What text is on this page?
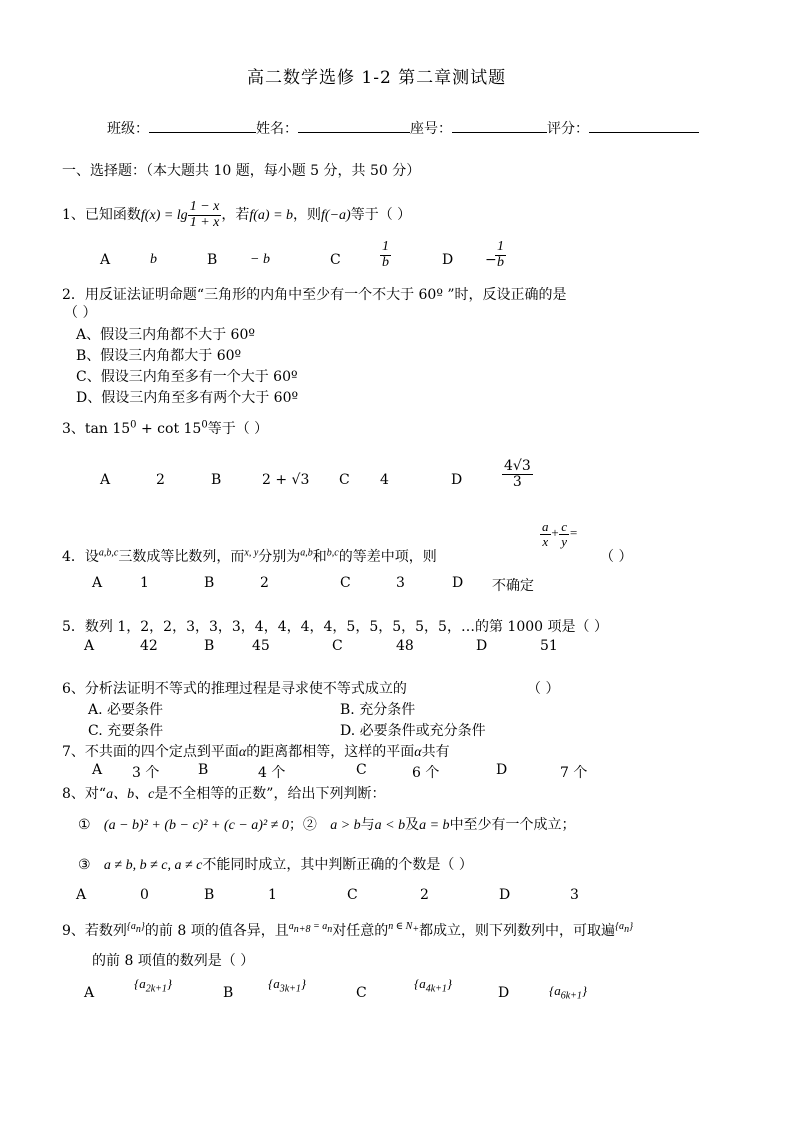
高二数学选修 1-2 第二章测试题
班级：	姓名：	座号：	评分：
一、选择题：（本大题共 10 题，每小题 5 分，共 50 分）
1、已知函数$f(x) = \lg \frac{1 - x}{1 + x}$ ，若f(a) = b，则f(−a)等于（ ）
A	b	B − b	C	$\frac{1}{b}$	D −
$\frac{1}{b}$
2．用反证法证明命题“三角形的内角中至少有一个不大于 60º ”时，反设正确的是
（ ）
A、假设三内角都不大于 60º
B、假设三内角都大于 60º
C、假设三内角至多有一个大于 60º
D、假设三内角至多有两个大于 60º
3、$\tan 15^0 + \cot 15^0$等于（ ）
A	2	B	2 + √3 C 4	D	$\frac{4√3}{3}$
4．设$^{a,b,c}$三数成等比数列，而$^{x, y}$分别为$^{a,b}$和$^{b,c}$的等差中项，则
$\frac{a}{x} + \frac{c}{y}$ =
（ ）
A	1	B	2	C	3	D 不确定
5．数列 1，2，2，3，3，3，4，4，4，4，5，5，5，5，5，…的第 1000 项是（ ）
A	42	B	45	C	48	D	51
6、分析法证明不等式的推理过程是寻求使不等式成立的	（ ）
A. 必要条件	B. 充分条件
C. 充要条件	D. 必要条件或充分条件
7、不共面的四个定点到平面α的距离都相等，这样的平面α共有
A 3 个	B	4 个	C	6 个	D	7 个
8、对“a、b、c是不全相等的正数”，给出下列判断：
① (a − b)² + (b − c)² + (c − a)² ≠ 0；② a > b与a < b及a = b中至少有一个成立；
③ a ≠ b, b ≠ c, a ≠ c不能同时成立，其中判断正确的个数是（ ）
A	0	B	1	C	2	D	3
9、若数列$^{\{a_n\}}$的前 8 项的值各异，且$^{a_{n+8} = a_n}$对任意的$^{n \in N_+}$都成立，则下列数列中，可取遍$^{\{a_n\}}$
的前 8 项值的数列是（ ）
A
$\{a_{2k+1}\}$
B
$\{a_{3k+1}\}$
C
$\{a_{4k+1}\}$
D	$\{a_{6k+1}\}$
